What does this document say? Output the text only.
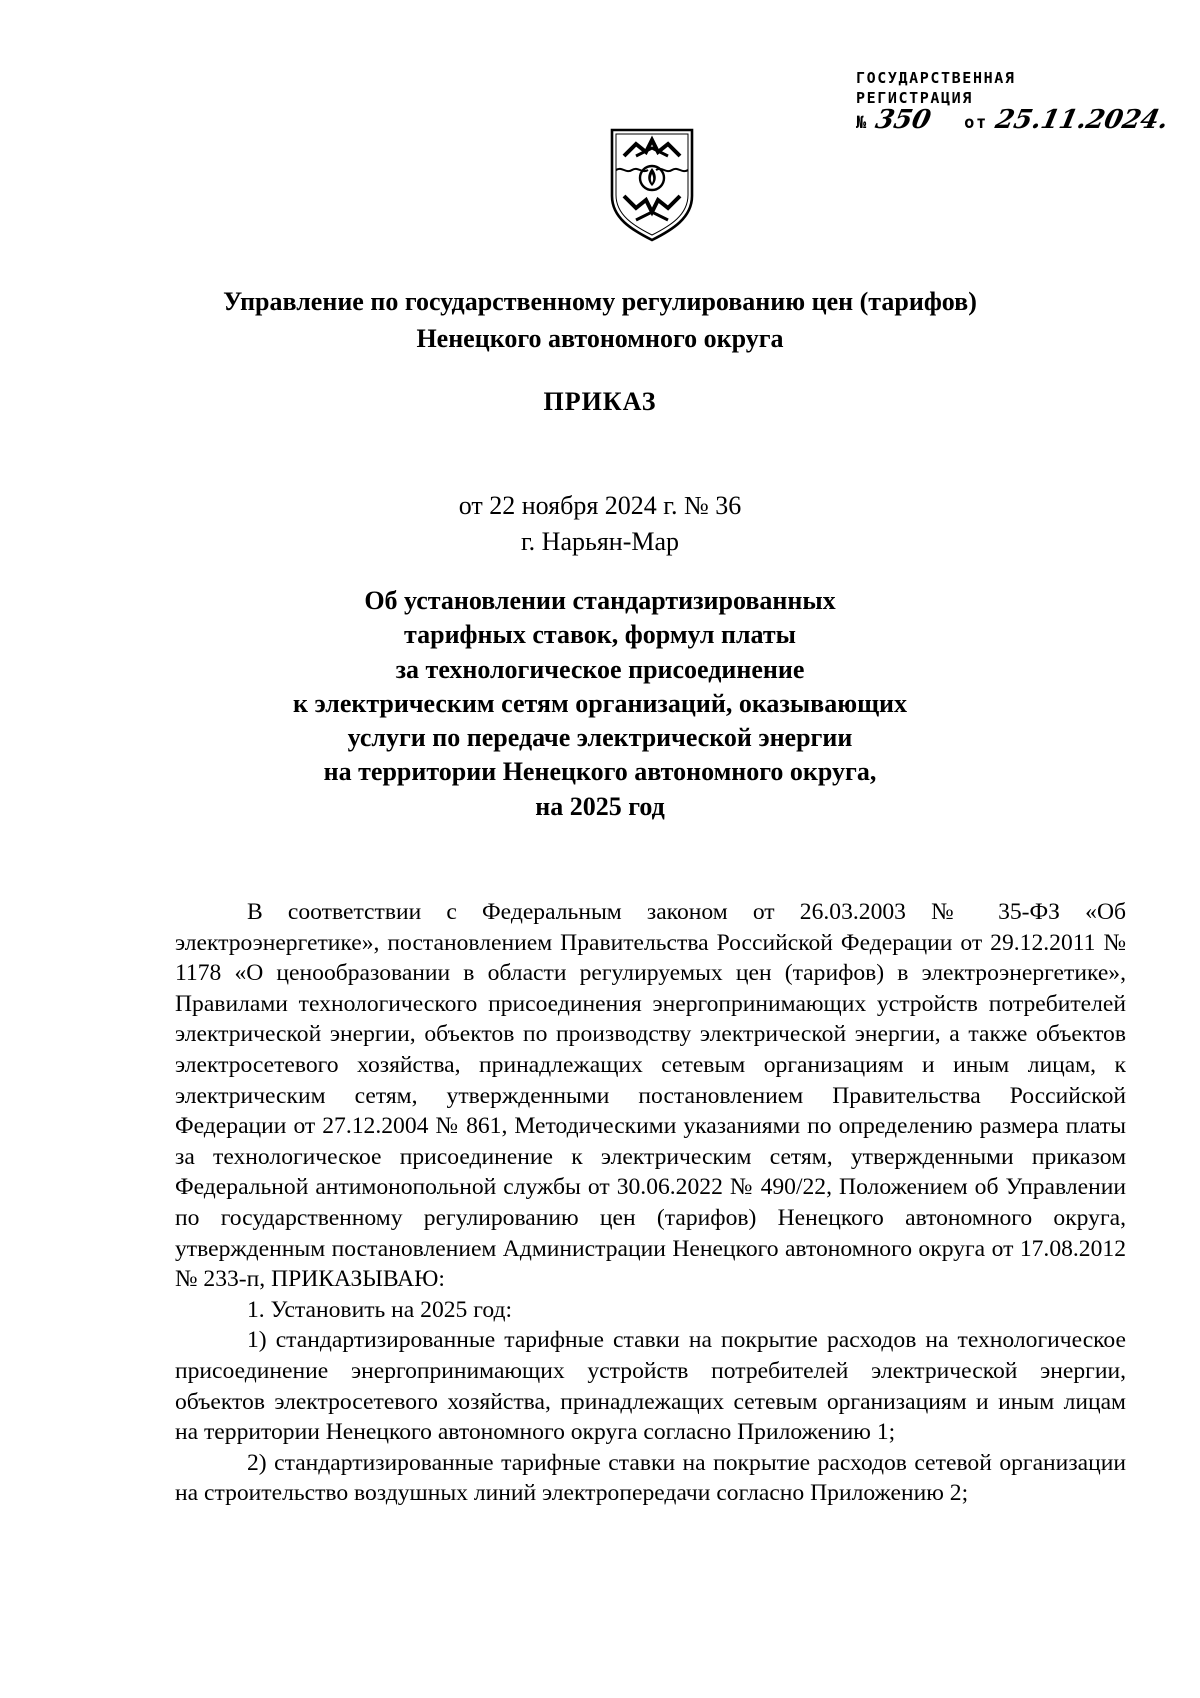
ГОСУДАРСТВЕННАЯ
РЕГИСТРАЦИЯ
№ 350 от 25.11.2024.
Управление по государственному регулированию цен (тарифов)
Ненецкого автономного округа
ПРИКАЗ
от 22 ноября 2024 г. № 36
г. Нарьян-Мар
Об установлении стандартизированных
тарифных ставок, формул платы
за технологическое присоединение
к электрическим сетям организаций, оказывающих
услуги по передаче электрической энергии
на территории Ненецкого автономного округа,
на 2025 год

В соответствии с Федеральным законом от 26.03.2003 № 35-ФЗ «Об электроэнергетике», постановлением Правительства Российской Федерации от 29.12.2011 № 1178 «О ценообразовании в области регулируемых цен (тарифов) в электроэнергетике», Правилами технологического присоединения энергопринимающих устройств потребителей электрической энергии, объектов по производству электрической энергии, а также объектов электросетевого хозяйства, принадлежащих сетевым организациям и иным лицам, к электрическим сетям, утвержденными постановлением Правительства Российской Федерации от 27.12.2004 № 861, Методическими указаниями по определению размера платы за технологическое присоединение к электрическим сетям, утвержденными приказом Федеральной антимонопольной службы от 30.06.2022 № 490/22, Положением об Управлении по государственному регулированию цен (тарифов) Ненецкого автономного округа, утвержденным постановлением Администрации Ненецкого автономного округа от 17.08.2012 № 233-п, ПРИКАЗЫВАЮ:

1. Установить на 2025 год:

1) стандартизированные тарифные ставки на покрытие расходов на технологическое присоединение энергопринимающих устройств потребителей электрической энергии, объектов электросетевого хозяйства, принадлежащих сетевым организациям и иным лицам на территории Ненецкого автономного округа согласно Приложению 1;

2) стандартизированные тарифные ставки на покрытие расходов сетевой организации на строительство воздушных линий электропередачи согласно Приложению 2;
